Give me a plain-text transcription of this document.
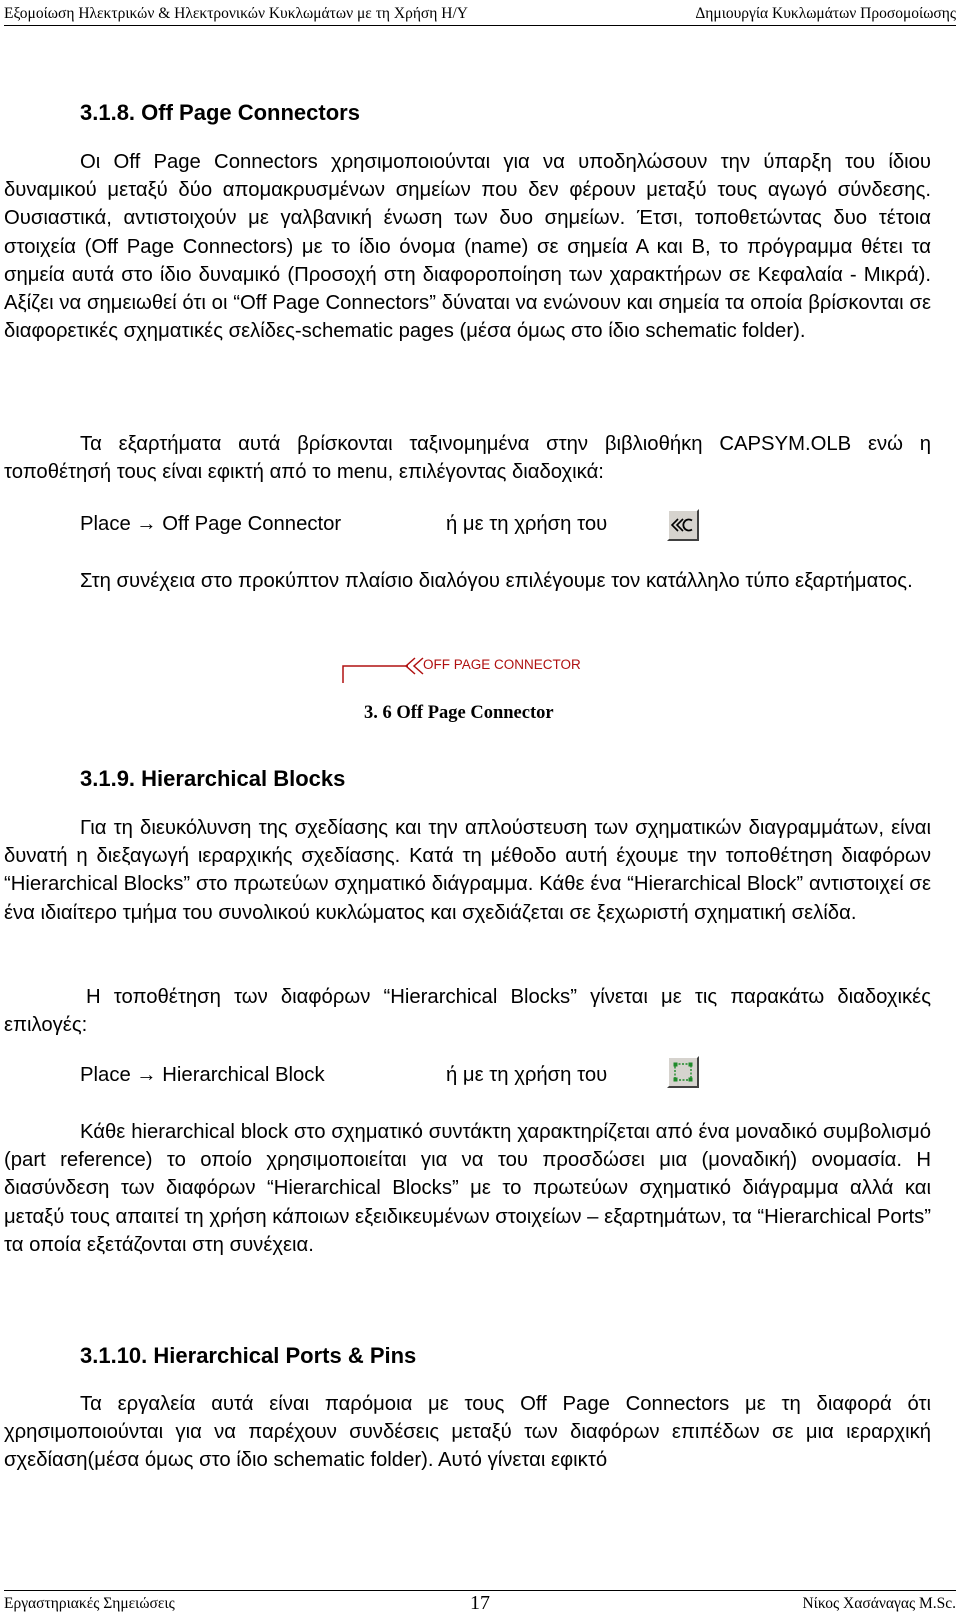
Εξομοίωση Ηλεκτρικών & Ηλεκτρονικών Κυκλωμάτων με τη Χρήση Η/Υ	Δημιουργία Κυκλωμάτων Προσομοίωσης
3.1.8. Off Page Connectors

Οι Off Page Connectors χρησιμοποιούνται για να υποδηλώσουν την ύπαρξη του ίδιου δυναμικού μεταξύ δύο απομακρυσμένων σημείων που δεν φέρουν μεταξύ τους αγωγό σύνδεσης. Ουσιαστικά, αντιστοιχούν με γαλβανική ένωση των δυο σημείων. Έτσι, τοποθετώντας δυο τέτοια στοιχεία (Off Page Connectors) με το ίδιο όνομα (name) σε σημεία Α και Β, το πρόγραμμα θέτει τα σημεία αυτά στο ίδιο δυναμικό (Προσοχή στη διαφοροποίηση των χαρακτήρων σε Κεφαλαία - Μικρά). Αξίζει να σημειωθεί ότι οι “Off Page Connectors” δύναται να ενώνουν και σημεία τα οποία βρίσκονται σε διαφορετικές σχηματικές σελίδες-schematic pages (μέσα όμως στο ίδιο schematic folder).

Τα εξαρτήματα αυτά βρίσκονται ταξινομημένα στην βιβλιοθήκη CAPSYM.OLB ενώ η τοποθέτησή τους είναι εφικτή από το menu, επιλέγοντας διαδοχικά:

Place → Off Page Connector	ή με τη χρήση του

Στη συνέχεια στο προκύπτον πλαίσιο διαλόγου επιλέγουμε τον κατάλληλο τύπο εξαρτήματος.

OFF PAGE CONNECTOR
3. 6 Off Page Connector
3.1.9. Hierarchical Blocks

Για τη διευκόλυνση της σχεδίασης και την απλούστευση των σχηματικών διαγραμμάτων, είναι δυνατή η διεξαγωγή ιεραρχικής σχεδίασης. Κατά τη μέθοδο αυτή έχουμε την τοποθέτηση διαφόρων “Hierarchical Blocks” στο πρωτεύων σχηματικό διάγραμμα. Κάθε ένα “Hierarchical Block” αντιστοιχεί σε ένα ιδιαίτερο τμήμα του συνολικού κυκλώματος και σχεδιάζεται σε ξεχωριστή σχηματική σελίδα.

Η τοποθέτηση των διαφόρων “Hierarchical Blocks” γίνεται με τις παρακάτω διαδοχικές επιλογές:

Place → Hierarchical Block	ή με τη χρήση του

Κάθε hierarchical block στο σχηματικό συντάκτη χαρακτηρίζεται από ένα μοναδικό συμβολισμό (part reference) το οποίο χρησιμοποιείται για να του προσδώσει μια (μοναδική) ονομασία. Η διασύνδεση των διαφόρων “Hierarchical Blocks” με το πρωτεύων σχηματικό διάγραμμα αλλά και μεταξύ τους απαιτεί τη χρήση κάποιων εξειδικευμένων στοιχείων – εξαρτημάτων, τα “Hierarchical Ports” τα οποία εξετάζονται στη συνέχεια.

3.1.10. Hierarchical Ports & Pins

Τα εργαλεία αυτά είναι παρόμοια με τους Off Page Connectors με τη διαφορά ότι χρησιμοποιούνται για να παρέχουν συνδέσεις μεταξύ των διαφόρων επιπέδων σε μια ιεραρχική σχεδίαση(μέσα όμως στο ίδιο schematic folder). Αυτό γίνεται εφικτό

Εργαστηριακές Σημειώσεις	17	Νίκος Χασάναγας M.Sc.
